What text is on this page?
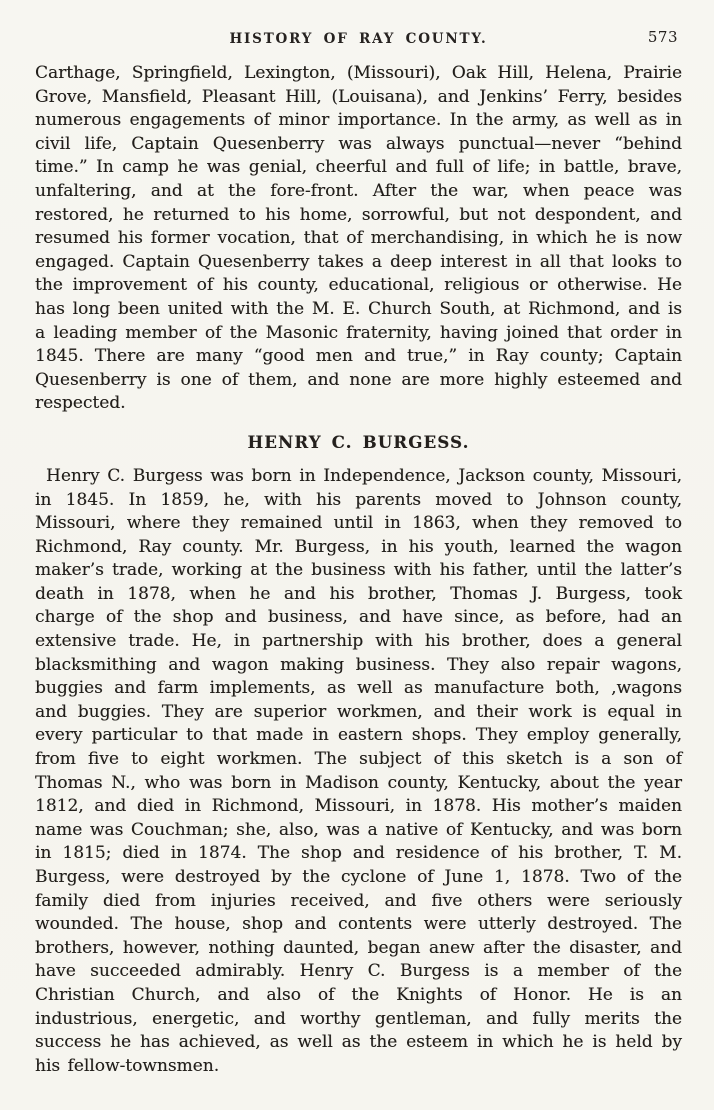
HISTORY OF RAY COUNTY.	573

Carthage, Springfield, Lexington, (Missouri), Oak Hill, Helena, Prairie Grove, Mansfield, Pleasant Hill, (Louisana), and Jenkins’ Ferry, besides numerous engagements of minor importance. In the army, as well as in civil life, Captain Quesenberry was always punctual—never “behind time.” In camp he was genial, cheerful and full of life; in battle, brave, unfaltering, and at the fore-front. After the war, when peace was restored, he returned to his home, sorrowful, but not despondent, and resumed his former vocation, that of merchandising, in which he is now engaged. Captain Quesenberry takes a deep interest in all that looks to the improvement of his county, educational, religious or otherwise. He has long been united with the M. E. Church South, at Richmond, and is a leading member of the Masonic fraternity, having joined that order in 1845. There are many “good men and true,” in Ray county; Captain Quesenberry is one of them, and none are more highly esteemed and respected.

HENRY C. BURGESS.

Henry C. Burgess was born in Independence, Jackson county, Missouri, in 1845. In 1859, he, with his parents moved to Johnson county, Missouri, where they remained until in 1863, when they removed to Richmond, Ray county. Mr. Burgess, in his youth, learned the wagon maker’s trade, working at the business with his father, until the latter’s death in 1878, when he and his brother, Thomas J. Burgess, took charge of the shop and business, and have since, as before, had an extensive trade. He, in partnership with his brother, does a general blacksmithing and wagon making business. They also repair wagons, buggies and farm implements, as well as manufacture both, ,wagons and buggies. They are superior workmen, and their work is equal in every particular to that made in eastern shops. They employ generally, from five to eight workmen. The subject of this sketch is a son of Thomas N., who was born in Madison county, Kentucky, about the year 1812, and died in Richmond, Missouri, in 1878. His mother’s maiden name was Couchman; she, also, was a native of Kentucky, and was born in 1815; died in 1874. The shop and residence of his brother, T. M. Burgess, were destroyed by the cyclone of June 1, 1878. Two of the family died from injuries received, and five others were seriously wounded. The house, shop and contents were utterly destroyed. The brothers, however, nothing daunted, began anew after the disaster, and have succeeded admirably. Henry C. Burgess is a member of the Christian Church, and also of the Knights of Honor. He is an industrious, energetic, and worthy gentleman, and fully merits the success he has achieved, as well as the esteem in which he is held by his fellow-townsmen.
